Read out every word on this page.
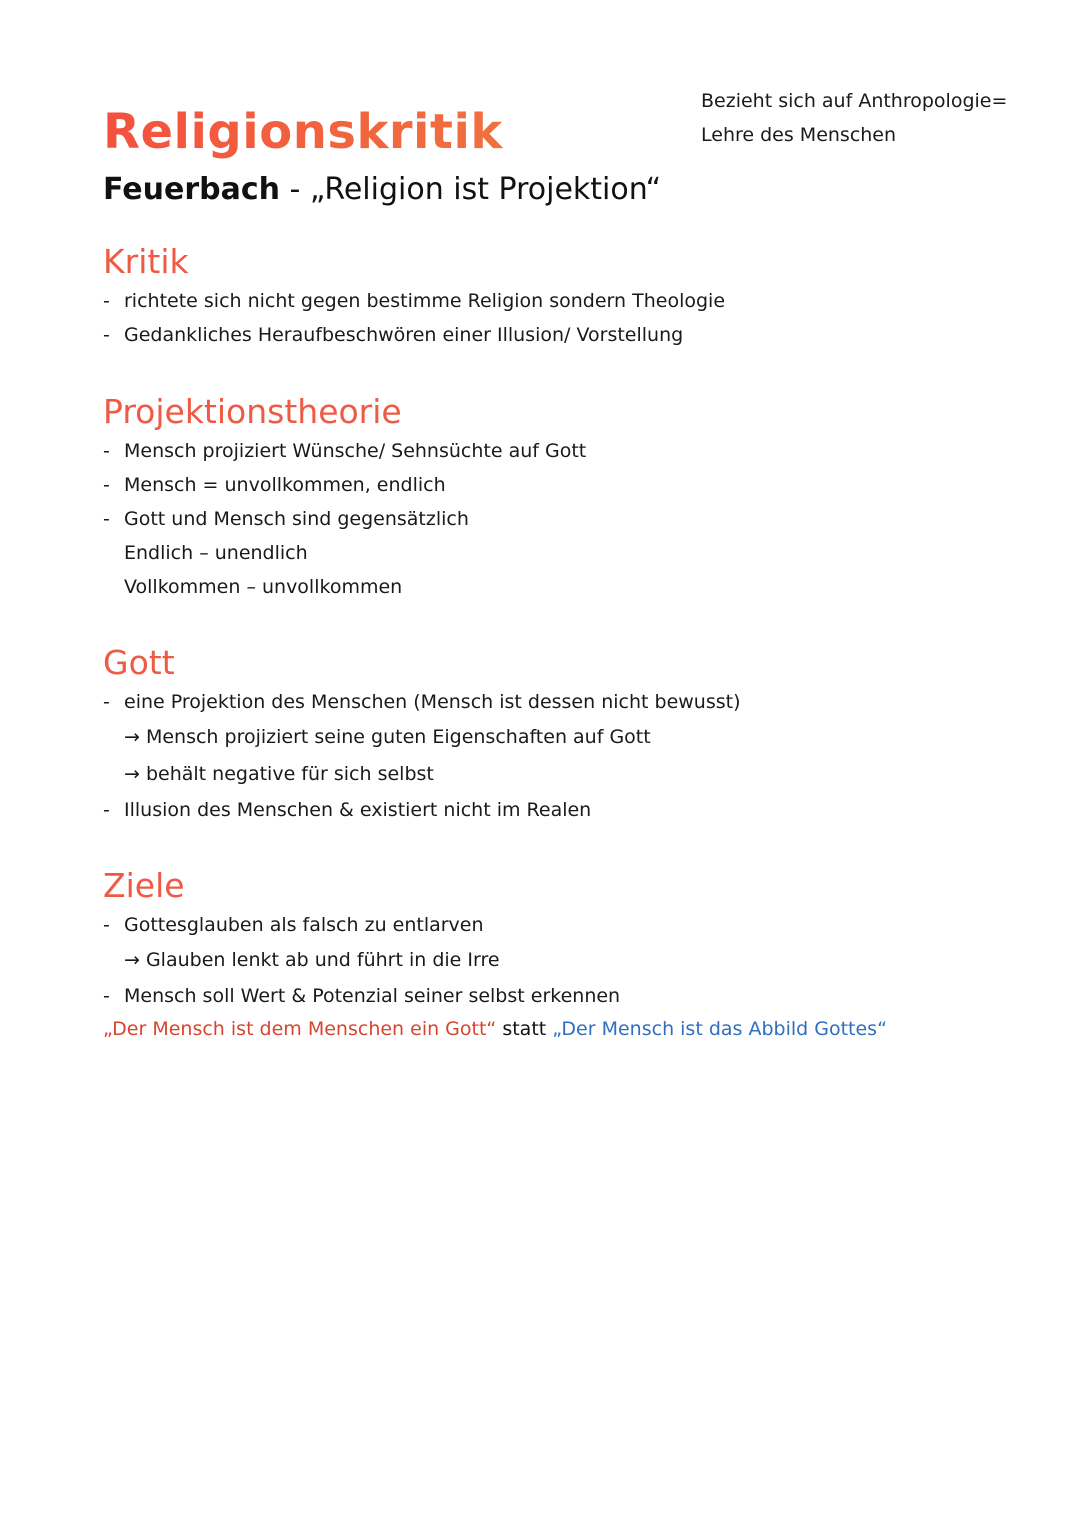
Bezieht sich auf Anthropologie=
Lehre des Menschen
Religionskritik
Feuerbach - „Religion ist Projektion“
Kritik
- richtete sich nicht gegen bestimme Religion sondern Theologie
- Gedankliches Heraufbeschwören einer Illusion/ Vorstellung
Projektionstheorie
- Mensch projiziert Wünsche/ Sehnsüchte auf Gott
- Mensch = unvollkommen, endlich
- Gott und Mensch sind gegensätzlich
Endlich – unendlich
Vollkommen – unvollkommen
Gott
- eine Projektion des Menschen (Mensch ist dessen nicht bewusst)
→ Mensch projiziert seine guten Eigenschaften auf Gott
→ behält negative für sich selbst
- Illusion des Menschen & existiert nicht im Realen
Ziele
- Gottesglauben als falsch zu entlarven
→ Glauben lenkt ab und führt in die Irre
- Mensch soll Wert & Potenzial seiner selbst erkennen
„Der Mensch ist dem Menschen ein Gott“ statt „Der Mensch ist das Abbild Gottes“
